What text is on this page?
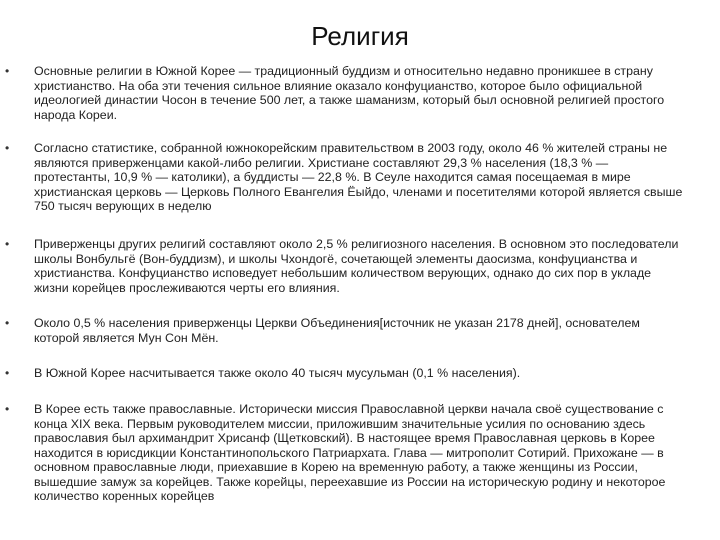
Религия
• Основные религии в Южной Корее — традиционный буддизм и относительно недавно проникшее в страну христианство. На оба эти течения сильное влияние оказало конфуцианство, которое было официальной идеологией династии Чосон в течение 500 лет, а также шаманизм, который был основной религией простого народа Кореи.

• Согласно статистике, собранной южнокорейским правительством в 2003 году, около 46 % жителей страны не являются приверженцами какой-либо религии. Христиане составляют 29,3 % населения (18,3 % — протестанты, 10,9 % — католики), а буддисты — 22,8 %. В Сеуле находится самая посещаемая в мире христианская церковь — Церковь Полного Евангелия Ёыйдо, членами и посетителями которой является свыше 750 тысяч верующих в неделю

• Приверженцы других религий составляют около 2,5 % религиозного населения. В основном это последователи школы Вонбульгё (Вон-буддизм), и школы Чхондогё, сочетающей элементы даосизма, конфуцианства и христианства. Конфуцианство исповедует небольшим количеством верующих, однако до сих пор в укладе жизни корейцев прослеживаются черты его влияния.

• Около 0,5 % населения приверженцы Церкви Объединения[источник не указан 2178 дней], основателем которой является Мун Сон Мён.

• В Южной Корее насчитывается также около 40 тысяч мусульман (0,1 % населения).

• В Корее есть также православные. Исторически миссия Православной церкви начала своё существование с конца XIX века. Первым руководителем миссии, приложившим значительные усилия по основанию здесь православия был архимандрит Хрисанф (Щетковский). В настоящее время Православная церковь в Корее находится в юрисдикции Константинопольского Патриархата. Глава — митрополит Сотирий. Прихожане — в основном православные люди, приехавшие в Корею на временную работу, а также женщины из России, вышедшие замуж за корейцев. Также корейцы, переехавшие из России на историческую родину и некоторое количество коренных корейцев
